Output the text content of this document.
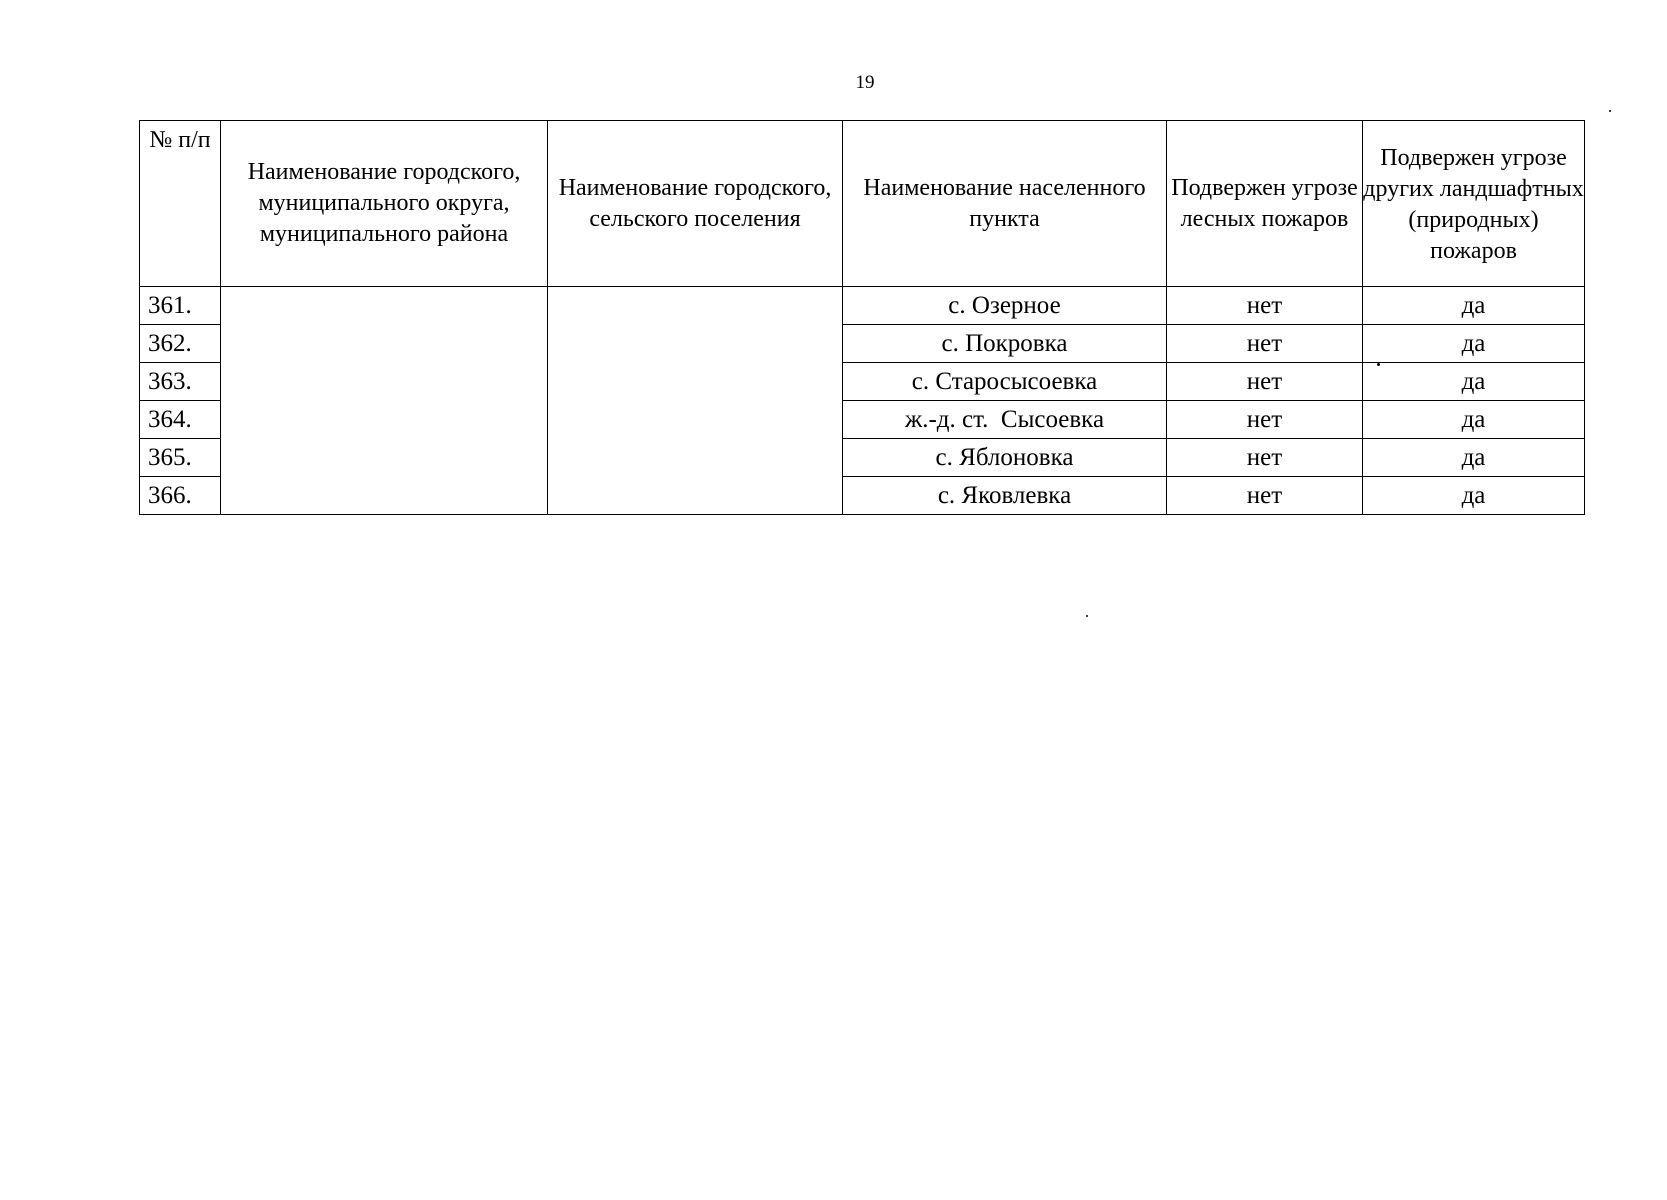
19
№ п/п	Наименование городского, муниципального округа, муниципального района	Наименование городского, сельского поселения	Наименование населенного пункта	Подвержен угрозе лесных пожаров	Подвержен угрозе других ландшафтных (природных) пожаров
361.			с. Озерное	нет	да
362.			с. Покровка	нет	да
363.			с. Старосысоевка	нет	да
364.			ж.-д. ст.  Сысоевка	нет	да
365.			с. Яблоновка	нет	да
366.			с. Яковлевка	нет	да
